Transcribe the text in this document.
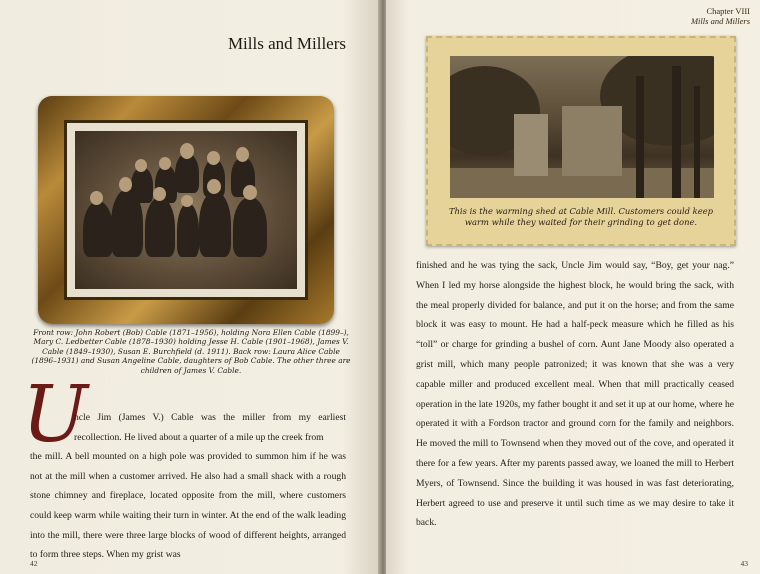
Mills and Millers
Front row: John Robert (Bob) Cable (1871–1956), holding Nora Ellen Cable (1899–), Mary C. Ledbetter Cable (1878–1930) holding Jesse H. Cable (1901–1968), James V. Cable (1849–1930), Susan E. Burchfield (d. 1911). Back row: Laura Alice Cable (1896–1931) and Susan Angeline Cable, daughters of Bob Cable. The other three are children of James V. Cable.
U
ncle Jim (James V.) Cable was the miller from my earliest recollection. He lived about a quarter of a mile up the creek from
the mill. A bell mounted on a high pole was provided to summon him if he was not at the mill when a customer arrived. He also had a small shack with a rough stone chimney and fireplace, located opposite from the mill, where customers could keep warm while waiting their turn in winter. At the end of the walk leading into the mill, there were three large blocks of wood of different heights, arranged to form three steps. When my grist was
42
Chapter VIII
Mills and Millers
This is the warming shed at Cable Mill. Customers could keep warm while they waited for their grinding to get done.
finished and he was tying the sack, Uncle Jim would say, “Boy, get your nag.” When I led my horse alongside the highest block, he would bring the sack, with the meal properly divided for balance, and put it on the horse; and from the same block it was easy to mount. He had a half-peck measure which he filled as his “toll” or charge for grinding a bushel of corn. Aunt Jane Moody also operated a grist mill, which many people patronized; it was known that she was a very capable miller and produced excellent meal. When that mill practically ceased operation in the late 1920s, my father bought it and set it up at our home, where he operated it with a Fordson tractor and ground corn for the family and neighbors. He moved the mill to Townsend when they moved out of the cove, and operated it there for a few years. After my parents passed away, we loaned the mill to Herbert Myers, of Townsend. Since the building it was housed in was fast deteriorating, Herbert agreed to use and preserve it until such time as we may desire to take it back.
43
